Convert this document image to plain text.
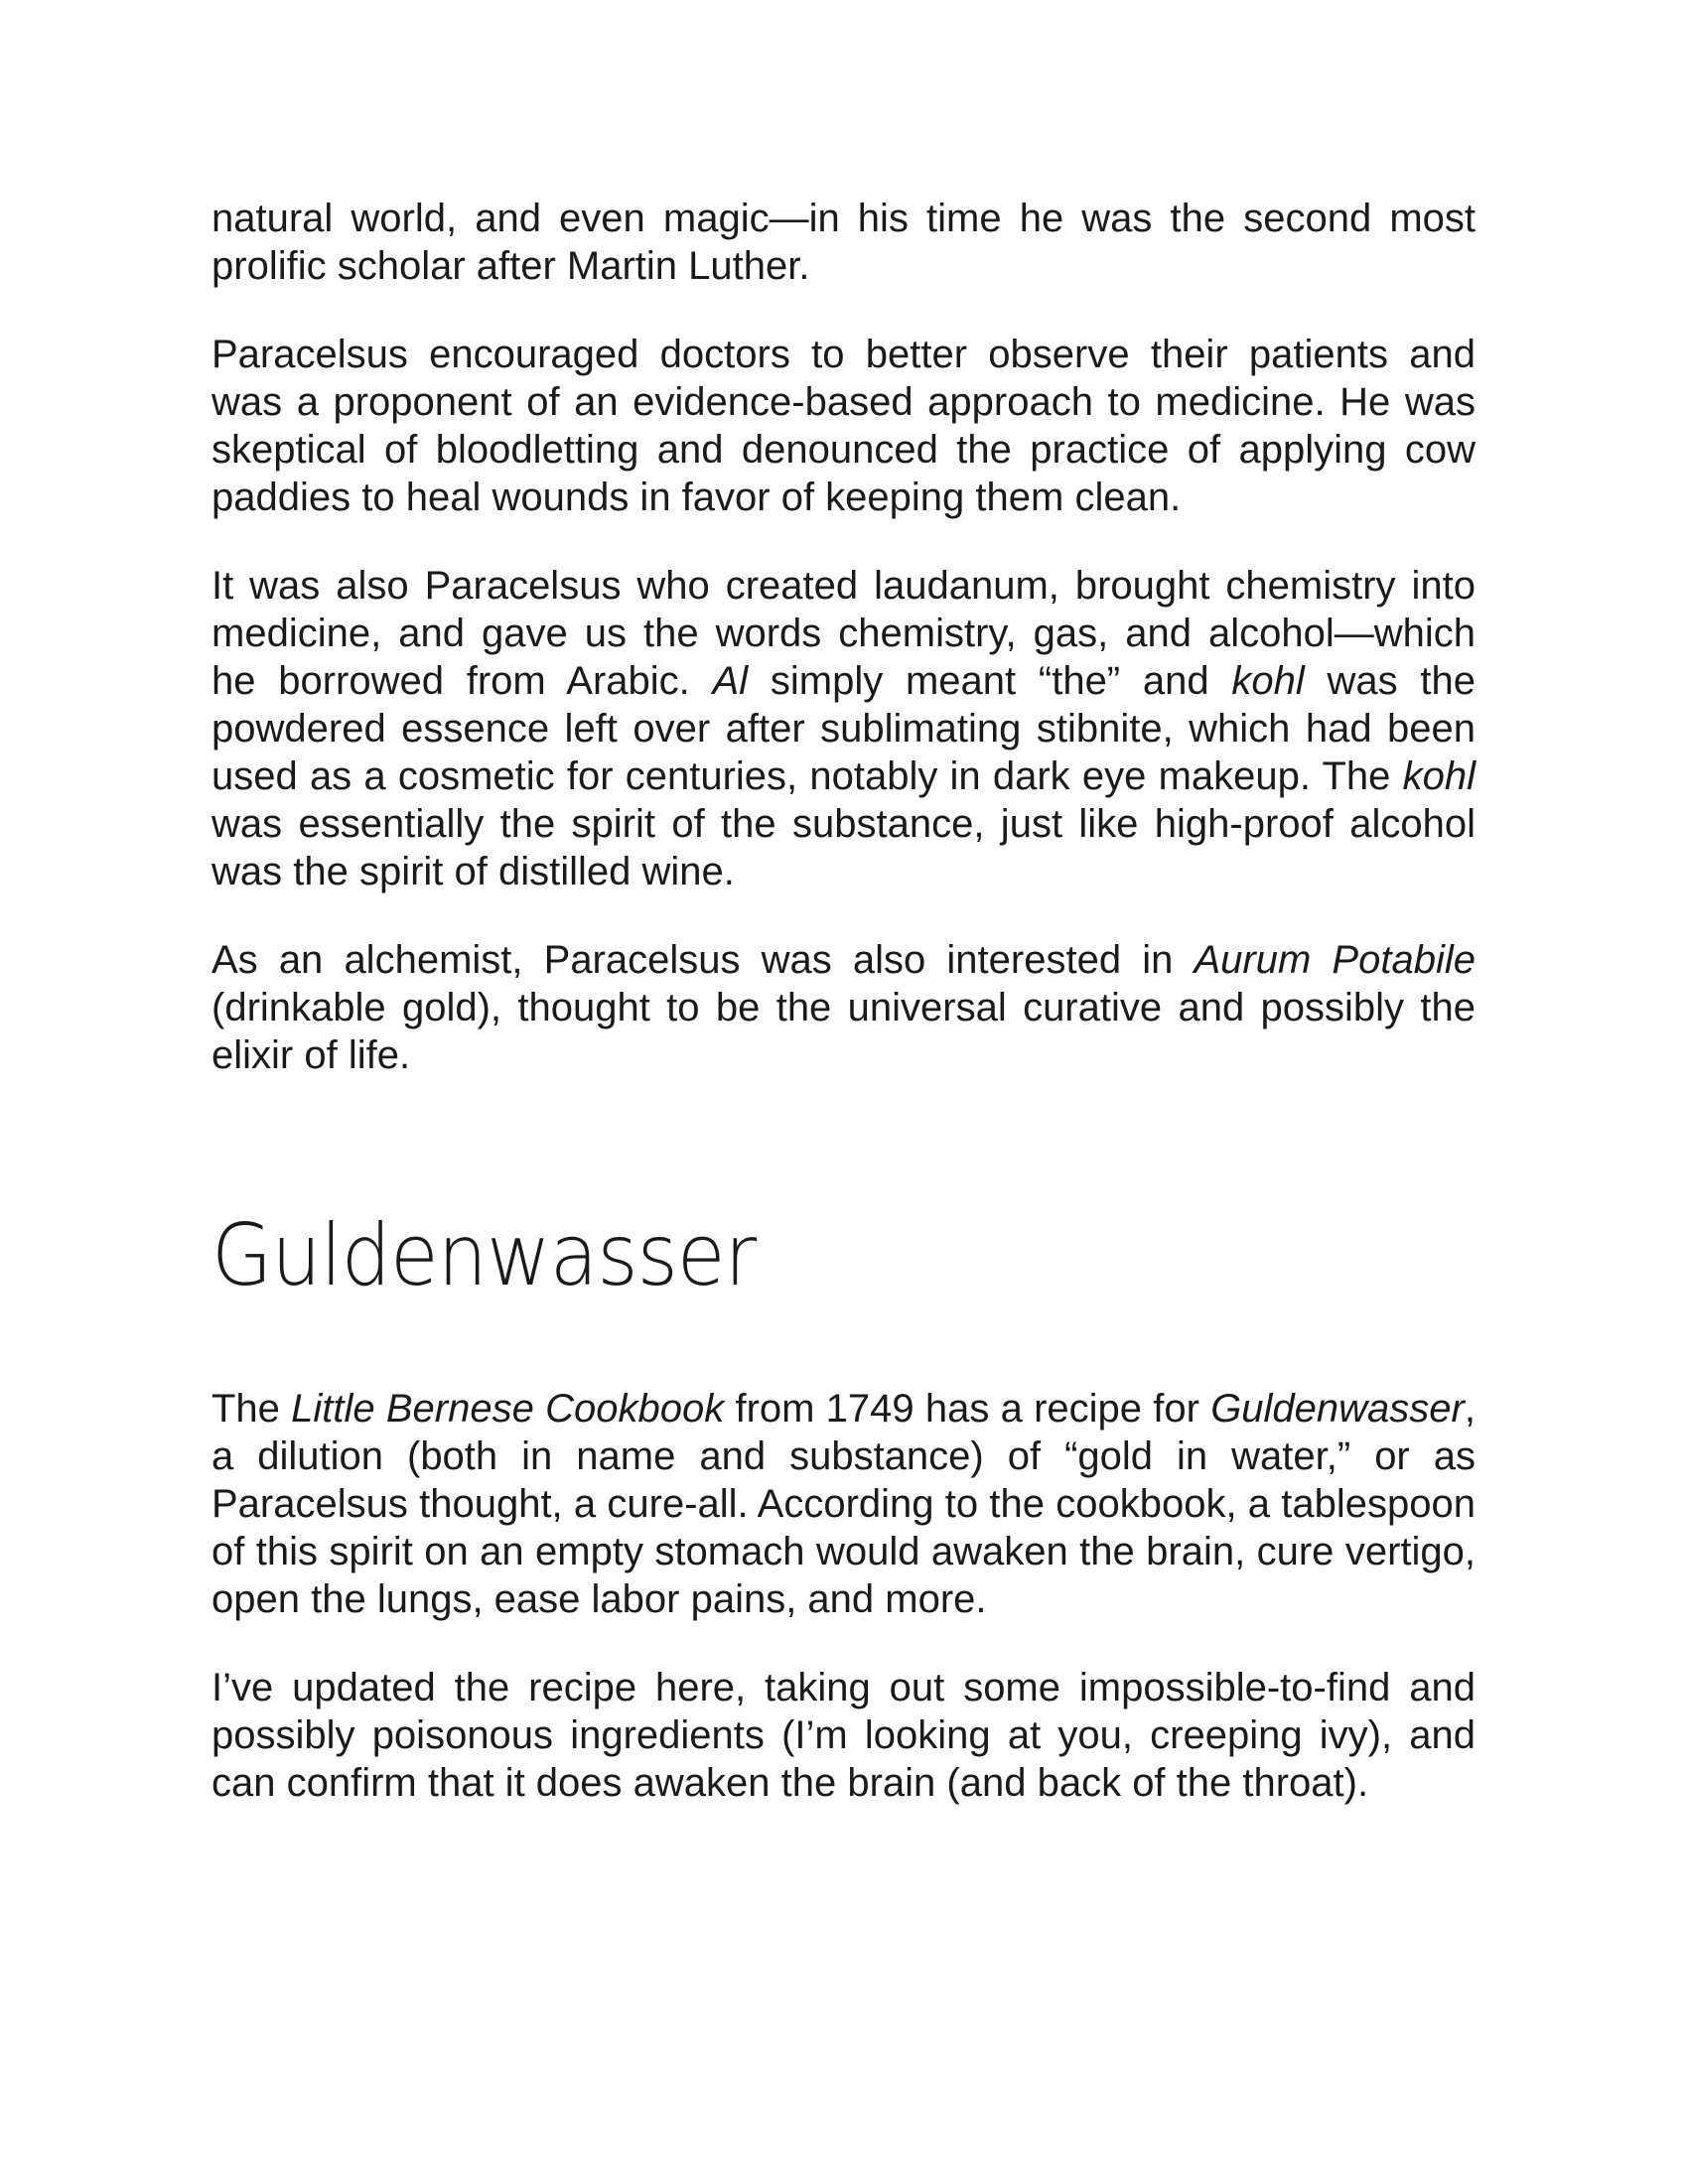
natural world, and even magic—in his time he was the second most prolific scholar after Martin Luther.

Paracelsus encouraged doctors to better observe their patients and was a proponent of an evidence-based approach to medicine. He was skeptical of bloodletting and denounced the practice of applying cow paddies to heal wounds in favor of keeping them clean.

It was also Paracelsus who created laudanum, brought chemistry into medicine, and gave us the words chemistry, gas, and alcohol—which he borrowed from Arabic. Al simply meant “the” and kohl was the powdered essence left over after sublimating stibnite, which had been used as a cosmetic for centuries, notably in dark eye makeup. The kohl was essentially the spirit of the substance, just like high-proof alcohol was the spirit of distilled wine.

As an alchemist, Paracelsus was also interested in Aurum Potabile (drinkable gold), thought to be the universal curative and possibly the elixir of life.

Guldenwasser

The Little Bernese Cookbook from 1749 has a recipe for Guldenwasser, a dilution (both in name and substance) of “gold in water,” or as Paracelsus thought, a cure-all. According to the cookbook, a tablespoon of this spirit on an empty stomach would awaken the brain, cure vertigo, open the lungs, ease labor pains, and more.

I’ve updated the recipe here, taking out some impossible-to-find and possibly poisonous ingredients (I’m looking at you, creeping ivy), and can confirm that it does awaken the brain (and back of the throat).
